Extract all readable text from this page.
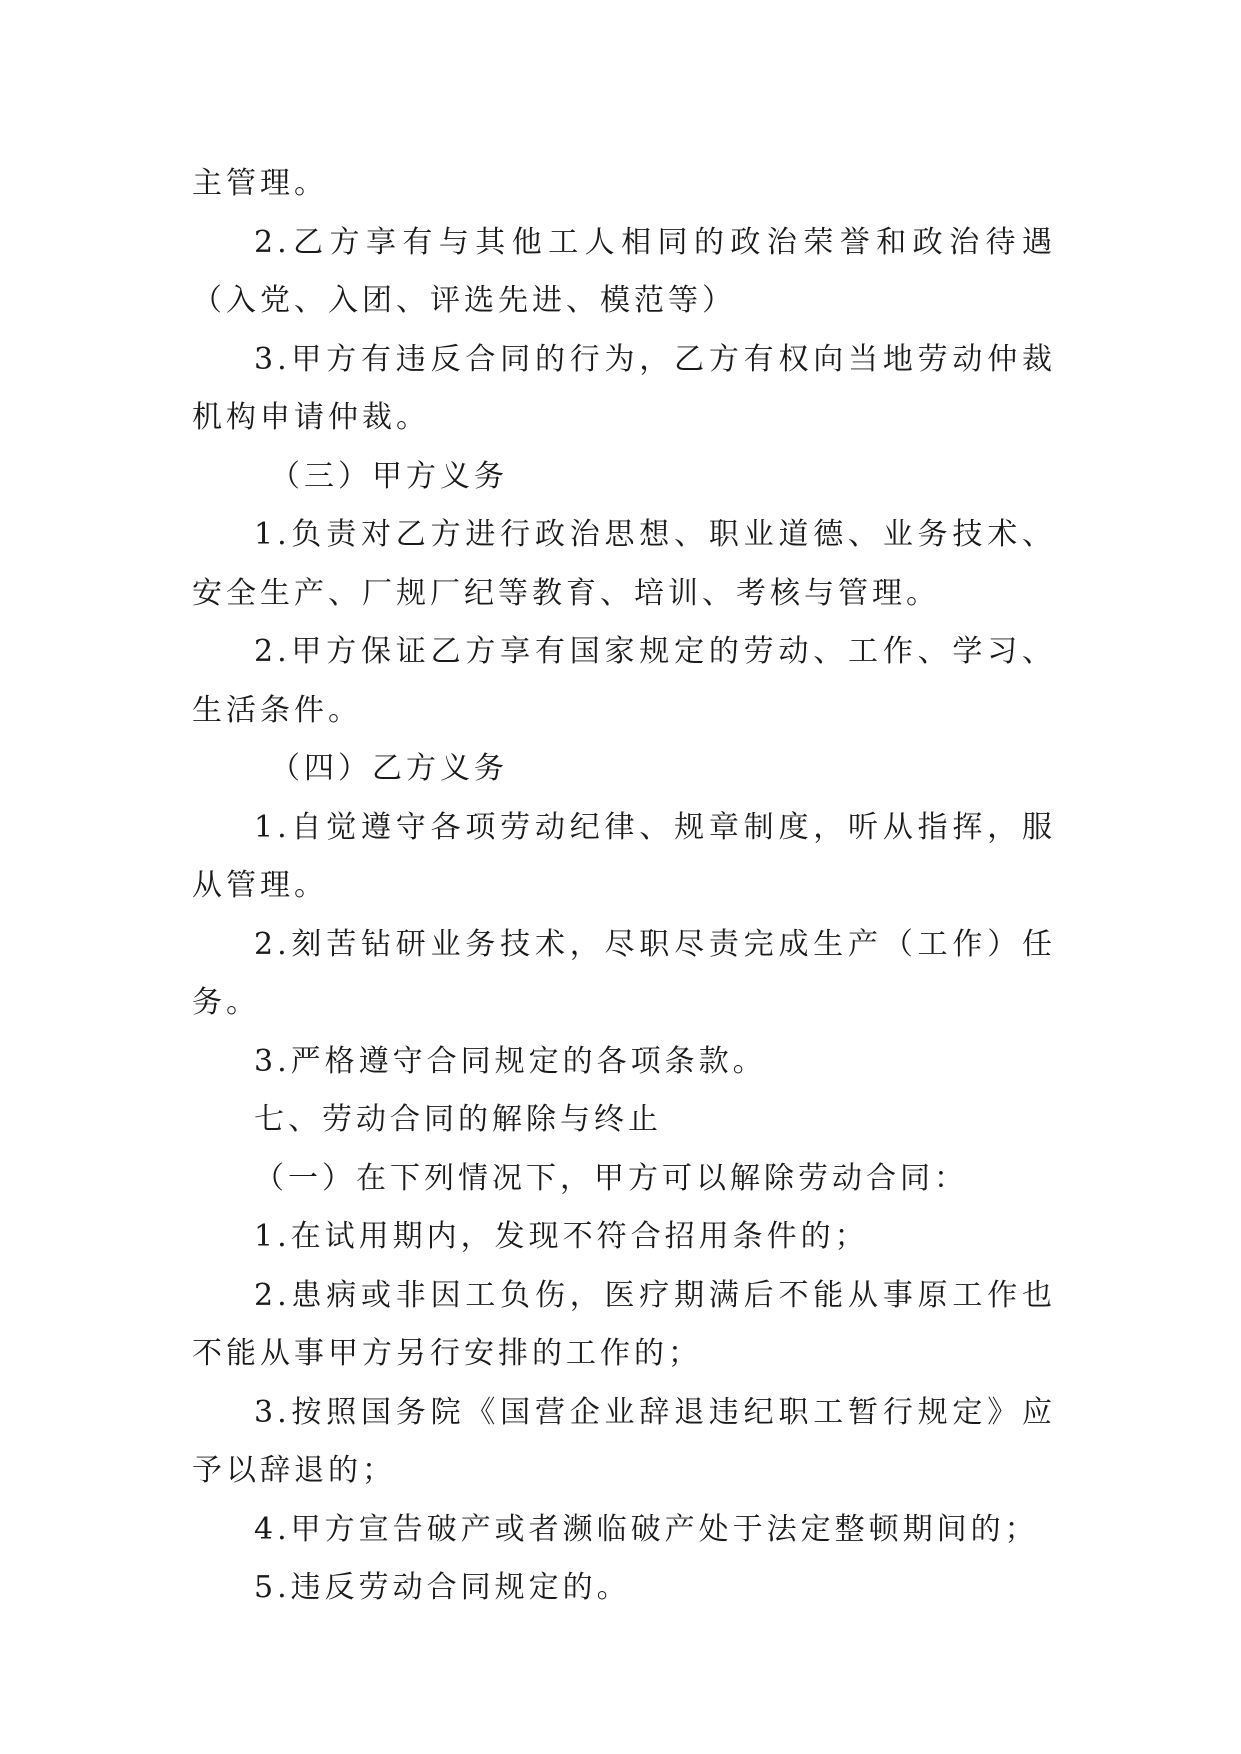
主管理。

2.乙方享有与其他工人相同的政治荣誉和政治待遇（入党、入团、评选先进、模范等）

3.甲方有违反合同的行为，乙方有权向当地劳动仲裁机构申请仲裁。

（三）甲方义务

1.负责对乙方进行政治思想、职业道德、业务技术、安全生产、厂规厂纪等教育、培训、考核与管理。

2.甲方保证乙方享有国家规定的劳动、工作、学习、生活条件。

（四）乙方义务

1.自觉遵守各项劳动纪律、规章制度，听从指挥，服从管理。

2.刻苦钻研业务技术，尽职尽责完成生产（工作）任务。

3.严格遵守合同规定的各项条款。

七、劳动合同的解除与终止

（一）在下列情况下，甲方可以解除劳动合同：

1.在试用期内，发现不符合招用条件的；

2.患病或非因工负伤，医疗期满后不能从事原工作也不能从事甲方另行安排的工作的；

3.按照国务院《国营企业辞退违纪职工暂行规定》应予以辞退的；

4.甲方宣告破产或者濒临破产处于法定整顿期间的；

5.违反劳动合同规定的。
